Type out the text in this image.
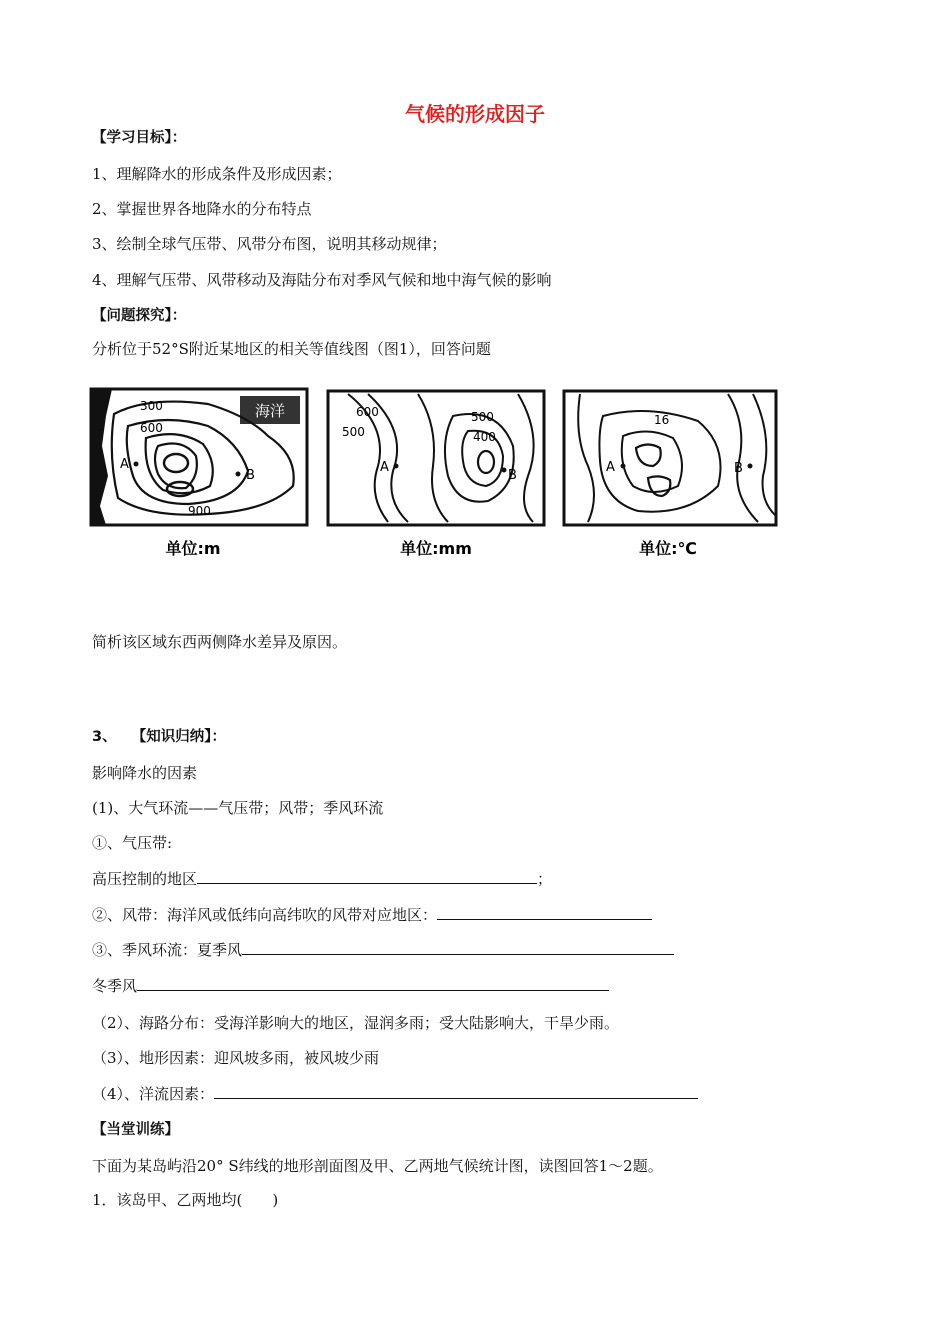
气候的形成因子
【学习目标】：
1、理解降水的形成条件及形成因素；
2、掌握世界各地降水的分布特点
3、绘制全球气压带、风带分布图，说明其移动规律；
4、理解气压带、风带移动及海陆分布对季风气候和地中海气候的影响
【问题探究】：
分析位于52°S附近某地区的相关等值线图（图1），回答问题
海洋
300
600
900
A
B
600
500
500
400
A
B
16
A	B
单位:m	单位:mm	单位:℃
简析该区域东西两侧降水差异及原因。
3、 【知识归纳】：
影响降水的因素
(1)、大气环流——气压带；风带；季风环流
①、气压带:
高压控制的地区	；
②、风带：海洋风或低纬向高纬吹的风带对应地区：
③、季风环流：夏季风
冬季风
（2）、海路分布：受海洋影响大的地区，湿润多雨；受大陆影响大，干旱少雨。
（3）、地形因素：迎风坡多雨，被风坡少雨
（4）、洋流因素：
【当堂训练】
下面为某岛屿沿20° S纬线的地形剖面图及甲、乙两地气候统计图，读图回答1～2题。
1．该岛甲、乙两地均(　　)
